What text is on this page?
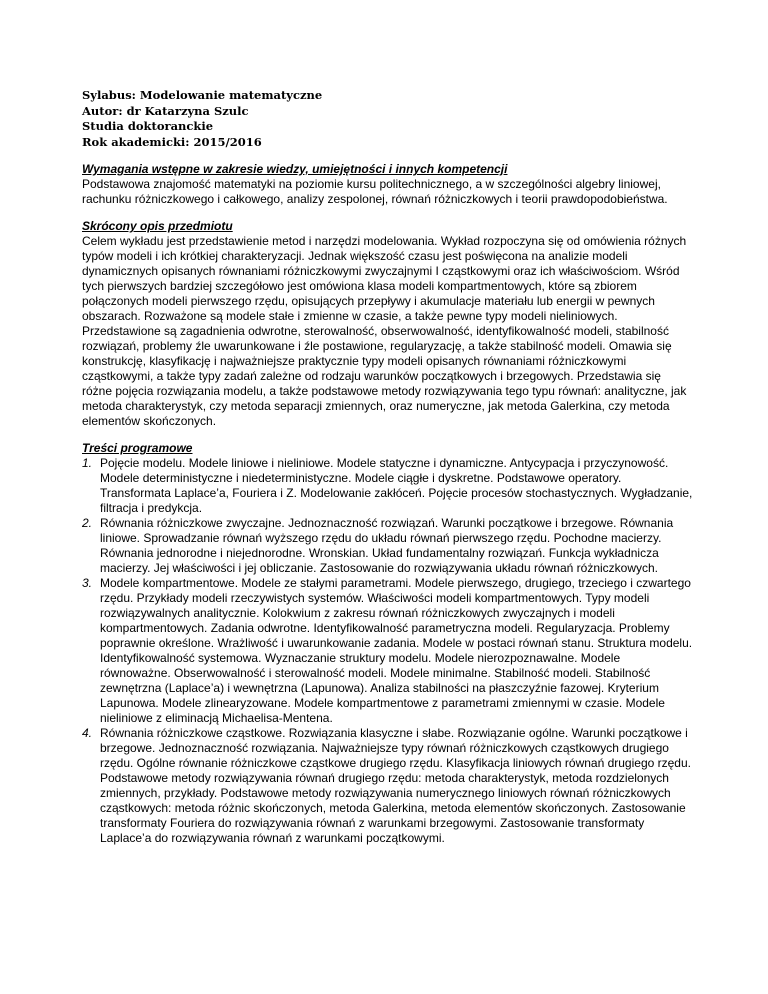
Sylabus: Modelowanie matematyczne
Autor: dr Katarzyna Szulc
Studia doktoranckie
Rok akademicki: 2015/2016
Wymagania wstępne w zakresie wiedzy, umiejętności i innych kompetencji
Podstawowa znajomość matematyki na poziomie kursu politechnicznego, a w szczególności algebry liniowej, rachunku różniczkowego i całkowego, analizy zespolonej, równań różniczkowych i teorii prawdopodobieństwa.
Skrócony opis przedmiotu
Celem wykładu jest przedstawienie metod i narzędzi modelowania. Wykład rozpoczyna się od omówienia różnych typów modeli i ich krótkiej charakteryzacji. Jednak większość czasu jest poświęcona na analizie modeli dynamicznych opisanych równaniami różniczkowymi zwyczajnymi I cząstkowymi oraz ich właściwościom. Wśród tych pierwszych bardziej szczegółowo jest omówiona klasa modeli kompartmentowych, które są zbiorem połączonych modeli pierwszego rzędu, opisujących przepływy i akumulacje materiału lub energii w pewnych obszarach. Rozważone są modele stałe i zmienne w czasie, a także pewne typy modeli nieliniowych. Przedstawione są zagadnienia odwrotne, sterowalność, obserwowalność, identyfikowalność modeli, stabilność rozwiązań, problemy źle uwarunkowane i źle postawione, regularyzację, a także stabilność modeli. Omawia się konstrukcję, klasyfikację i najważniejsze praktycznie typy modeli opisanych równaniami różniczkowymi cząstkowymi, a także typy zadań zależne od rodzaju warunków początkowych i brzegowych. Przedstawia się różne pojęcia rozwiązania modelu, a także podstawowe metody rozwiązywania tego typu równań: analityczne, jak metoda charakterystyk, czy metoda separacji zmiennych, oraz numeryczne, jak metoda Galerkina, czy metoda elementów skończonych.
Treści programowe
1. Pojęcie modelu. Modele liniowe i nieliniowe. Modele statyczne i dynamiczne. Antycypacja i przyczynowość. Modele deterministyczne i niedeterministyczne. Modele ciągłe i dyskretne. Podstawowe operatory. Transformata Laplace’a, Fouriera i Z. Modelowanie zakłóceń. Pojęcie procesów stochastycznych. Wygładzanie, filtracja i predykcja.
2. Równania różniczkowe zwyczajne. Jednoznaczność rozwiązań. Warunki początkowe i brzegowe. Równania liniowe. Sprowadzanie równań wyższego rzędu do układu równań pierwszego rzędu. Pochodne macierzy. Równania jednorodne i niejednorodne. Wronskian. Układ fundamentalny rozwiązań. Funkcja wykładnicza macierzy. Jej właściwości i jej obliczanie. Zastosowanie do rozwiązywania układu równań różniczkowych.
3. Modele kompartmentowe. Modele ze stałymi parametrami. Modele pierwszego, drugiego, trzeciego i czwartego rzędu. Przykłady modeli rzeczywistych systemów. Właściwości modeli kompartmentowych. Typy modeli rozwiązywalnych analitycznie. Kolokwium z zakresu równań różniczkowych zwyczajnych i modeli kompartmentowych. Zadania odwrotne. Identyfikowalność parametryczna modeli. Regularyzacja. Problemy poprawnie określone. Wrażliwość i uwarunkowanie zadania. Modele w postaci równań stanu. Struktura modelu. Identyfikowalność systemowa. Wyznaczanie struktury modelu. Modele nierozpoznawalne. Modele równoważne. Obserwowalność i sterowalność modeli. Modele minimalne. Stabilność modeli. Stabilność zewnętrzna (Laplace’a) i wewnętrzna (Lapunowa). Analiza stabilności na płaszczyźnie fazowej. Kryterium Lapunowa. Modele zlinearyzowane. Modele kompartmentowe z parametrami zmiennymi w czasie. Modele nieliniowe z eliminacją Michaelisa-Mentena.
4. Równania różniczkowe cząstkowe. Rozwiązania klasyczne i słabe. Rozwiązanie ogólne. Warunki początkowe i brzegowe. Jednoznaczność rozwiązania. Najważniejsze typy równań różniczkowych cząstkowych drugiego rzędu. Ogólne równanie różniczkowe cząstkowe drugiego rzędu. Klasyfikacja liniowych równań drugiego rzędu. Podstawowe metody rozwiązywania równań drugiego rzędu: metoda charakterystyk, metoda rozdzielonych zmiennych, przykłady. Podstawowe metody rozwiązywania numerycznego liniowych równań różniczkowych cząstkowych: metoda różnic skończonych, metoda Galerkina, metoda elementów skończonych. Zastosowanie transformaty Fouriera do rozwiązywania równań z warunkami brzegowymi. Zastosowanie transformaty Laplace’a do rozwiązywania równań z warunkami początkowymi.
